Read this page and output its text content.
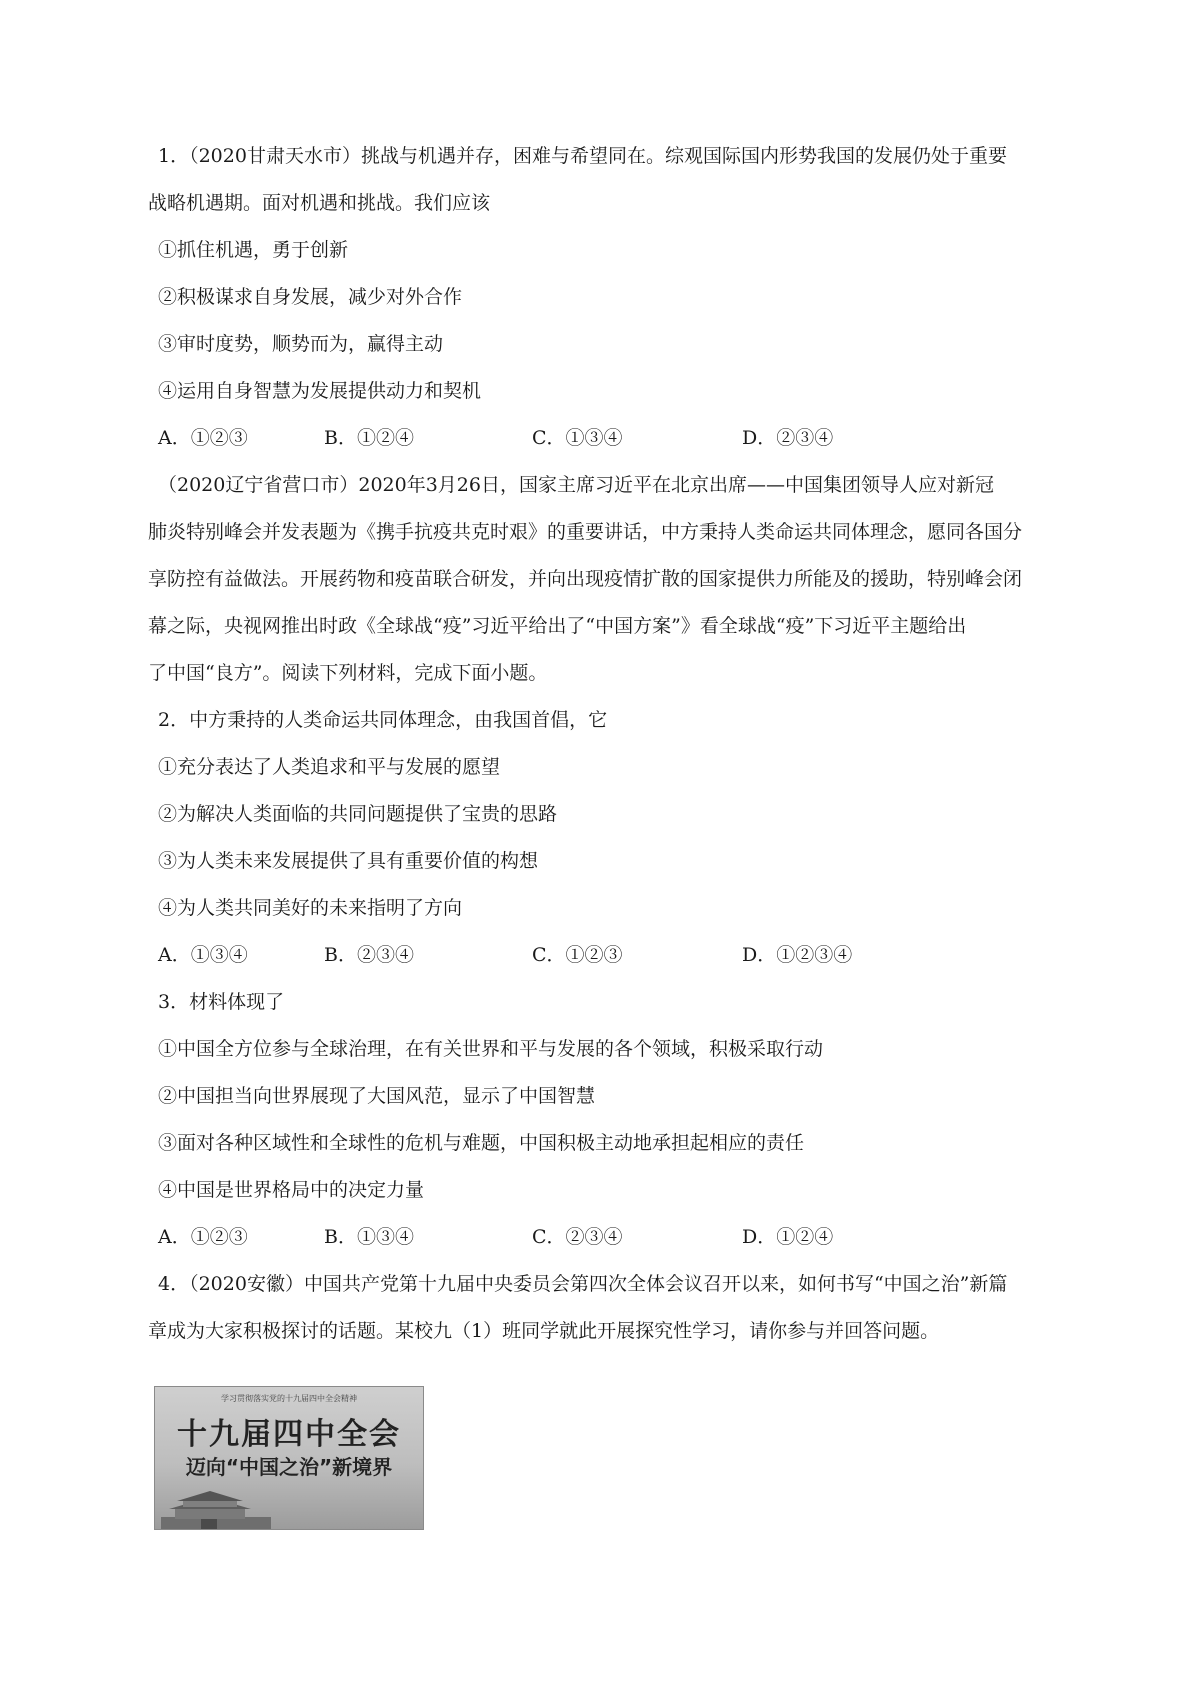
1．（2020甘肃天水市）挑战与机遇并存，困难与希望同在。综观国际国内形势我国的发展仍处于重要
战略机遇期。面对机遇和挑战。我们应该
①抓住机遇，勇于创新
②积极谋求自身发展，减少对外合作
③审时度势，顺势而为，赢得主动
④运用自身智慧为发展提供动力和契机
A．①②③	B．①②④	C．①③④	D．②③④
（2020辽宁省营口市）2020年3月26日，国家主席习近平在北京出席——中国集团领导人应对新冠
肺炎特别峰会并发表题为《携手抗疫共克时艰》的重要讲话，中方秉持人类命运共同体理念，愿同各国分
享防控有益做法。开展药物和疫苗联合研发，并向出现疫情扩散的国家提供力所能及的援助，特别峰会闭
幕之际，央视网推出时政《全球战“疫”习近平给出了“中国方案”》看全球战“疫”下习近平主题给出
了中国“良方”。阅读下列材料，完成下面小题。
2．中方秉持的人类命运共同体理念，由我国首倡，它
①充分表达了人类追求和平与发展的愿望
②为解决人类面临的共同问题提供了宝贵的思路
③为人类未来发展提供了具有重要价值的构想
④为人类共同美好的未来指明了方向
A．①③④	B．②③④	C．①②③	D．①②③④
3．材料体现了
①中国全方位参与全球治理，在有关世界和平与发展的各个领域，积极采取行动
②中国担当向世界展现了大国风范，显示了中国智慧
③面对各种区域性和全球性的危机与难题，中国积极主动地承担起相应的责任
④中国是世界格局中的决定力量
A．①②③	B．①③④	C．②③④	D．①②④
4．（2020安徽）中国共产党第十九届中央委员会第四次全体会议召开以来，如何书写“中国之治”新篇
章成为大家积极探讨的话题。某校九（1）班同学就此开展探究性学习，请你参与并回答问题。
学习贯彻落实党的十九届四中全会精神
十九届四中全会
迈向“中国之治”新境界
